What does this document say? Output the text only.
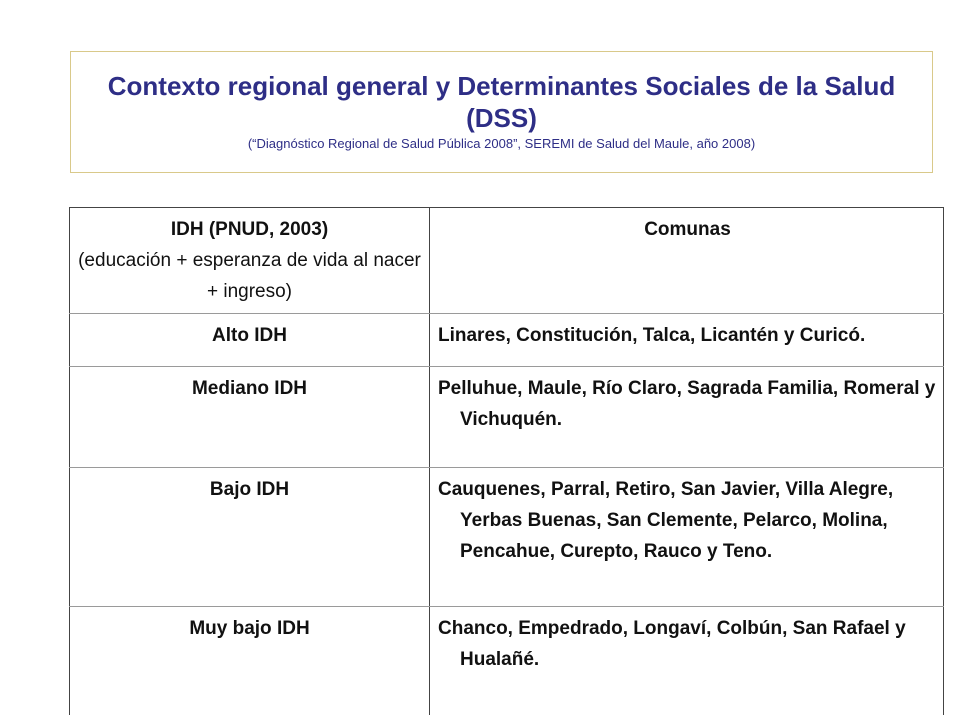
Contexto regional general y Determinantes Sociales de la Salud (DSS)
(“Diagnóstico Regional de Salud Pública 2008”, SEREMI de Salud del Maule, año 2008)
IDH (PNUD, 2003)
(educación + esperanza de vida al nacer + ingreso)	Comunas
Alto IDH	Linares, Constitución, Talca, Licantén y Curicó.
Mediano IDH	Pelluhue, Maule, Río Claro, Sagrada Familia, Romeral y Vichuquén.
Bajo IDH	Cauquenes, Parral, Retiro, San Javier, Villa Alegre, Yerbas Buenas, San Clemente, Pelarco, Molina, Pencahue, Curepto, Rauco y Teno.
Muy bajo IDH	Chanco, Empedrado, Longaví, Colbún, San Rafael y Hualañé.
